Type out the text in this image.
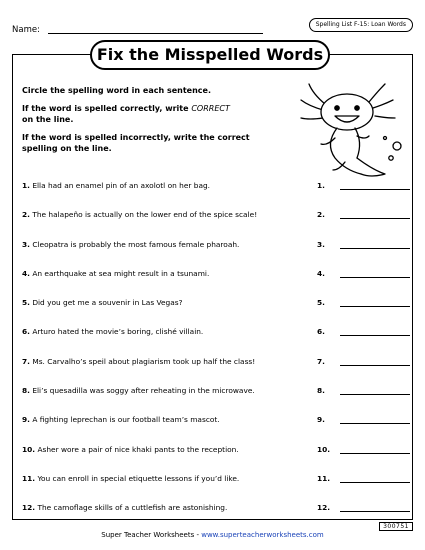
Name:
Spelling List F-15: Loan Words
Fix the Misspelled Words

Circle the spelling word in each sentence.

If the word is spelled correctly, write CORRECT
on the line.

If the word is spelled incorrectly, write the correct spelling on the line.

1. Ella had an enamel pin of an axolotl on her bag.	1.
2. The halapeño is actually on the lower end of the spice scale!	2.
3. Cleopatra is probably the most famous female pharoah.	3.
4. An earthquake at sea might result in a tsunami.	4.
5. Did you get me a souvenir in Las Vegas?	5.
6. Arturo hated the movie’s boring, clishé villain.	6.
7. Ms. Carvalho’s speil about plagiarism took up half the class!	7.
8. Eli’s quesadilla was soggy after reheating in the microwave.	8.
9. A fighting leprechan is our football team’s mascot.	9.
10. Asher wore a pair of nice khaki pants to the reception.	10.
11. You can enroll in special etiquette lessons if you’d like.	11.
12. The camoflage skills of a cuttlefish are astonishing.	12.
Super Teacher Worksheets - www.superteacherworksheets.com
300751
